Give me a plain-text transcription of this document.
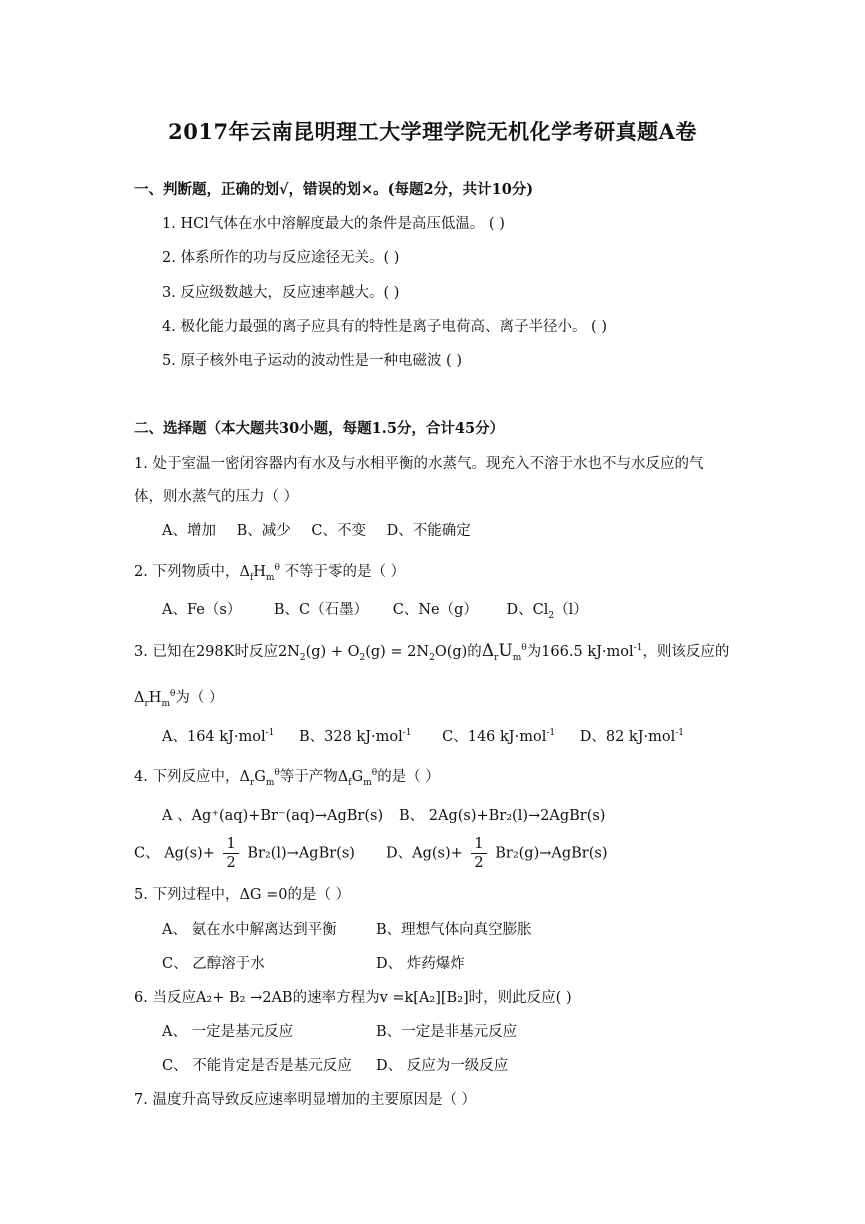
2017年云南昆明理工大学理学院无机化学考研真题A卷
一、判断题，正确的划√，错误的划×。(每题2分，共计10分)
1. HCl气体在水中溶解度最大的条件是高压低温。 ( )
2. 体系所作的功与反应途径无关。( )
3. 反应级数越大，反应速率越大。( )
4. 极化能力最强的离子应具有的特性是离子电荷高、离子半径小。 ( )
5. 原子核外电子运动的波动性是一种电磁波 ( )
二、选择题（本大题共30小题，每题1.5分，合计45分）
1. 处于室温一密闭容器内有水及与水相平衡的水蒸气。现充入不溶于水也不与水反应的气
体，则水蒸气的压力（ ）
A、增加 B、减少 C、不变 D、不能确定
2. 下列物质中，$\Delta_fH_m^\theta$ 不等于零的是（ ）
A、Fe（s） B、C（石墨） C、Ne（g） D、$Cl_2(l)$
3. 已知在298K时反应$2N_2(g) + O_2(g) = 2N_2O(g)$的$\Delta_rU_m^\theta$为166.5 kJ·mol$^{-1}$，则该反应的
$\Delta_rH_m^\theta$为（ ）
A、164 kJ·mol$^{-1}$ B、328 kJ·mol$^{-1}$ C、146 kJ·mol$^{-1}$ D、82 kJ·mol$^{-1}$
4. 下列反应中，$\Delta_rG_m^\theta$等于产物$\Delta_fG_m^\theta$的是（ ）
A 、Ag⁺(aq)+Br⁻(aq)→AgBr(s) B、 2Ag(s)+Br₂(l)→2AgBr(s)
C、 $Ag(s)+ \frac{1}{2}$ Br₂(l)→AgBr(s) D、$Ag(s)+ \frac{1}{2}$ Br₂(g)→AgBr(s)
5. 下列过程中，ΔG =0的是（ ）
A、 氨在水中解离达到平衡	B、理想气体向真空膨胀
C、 乙醇溶于水	D、 炸药爆炸
6. 当反应A₂+ B₂ →2AB的速率方程为v =k[A₂][B₂]时，则此反应( )
A、 一定是基元反应	B、一定是非基元反应
C、 不能肯定是否是基元反应 D、 反应为一级反应
7. 温度升高导致反应速率明显增加的主要原因是（ ）
